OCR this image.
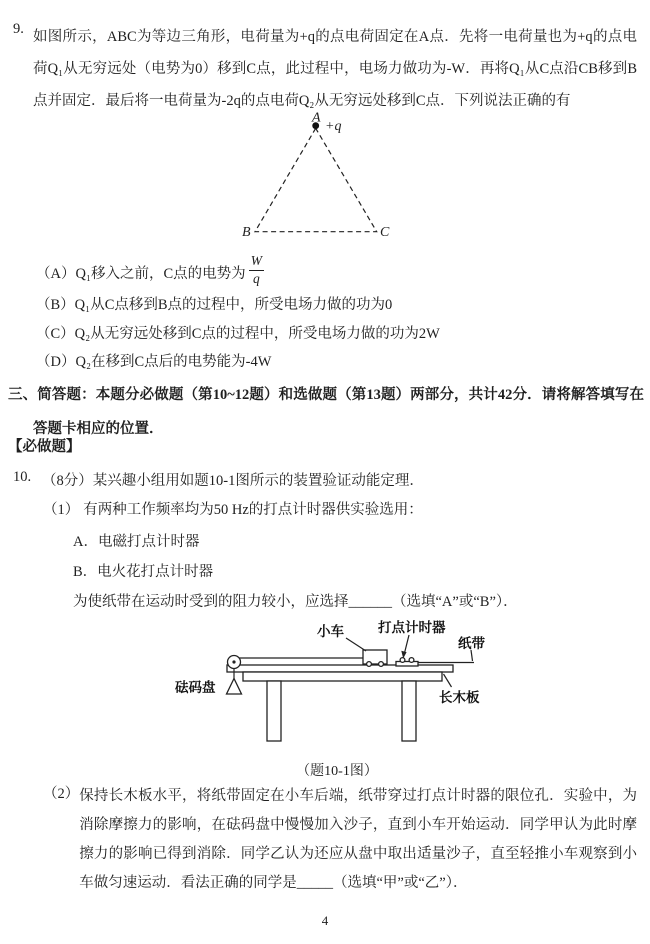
9. 如图所示，ABC为等边三角形，电荷量为+q的点电荷固定在A点．先将一电荷量也为+q的点电荷Q₁从无穷远处（电势为0）移到C点，此过程中，电场力做功为-W．再将Q₁从C点沿CB移到B点并固定．最后将一电荷量为-2q的点电荷Q₂从无穷远处移到C点．下列说法正确的有

A
+q
B	C
（A） Q₁移入之前，C点的电势为 $\frac{W}{q}$
（B） Q₁从C点移到B点的过程中，所受电场力做的功为0
（C） Q₂从无穷远处移到C点的过程中，所受电场力做的功为2W
（D） Q₂在移到C点后的电势能为-4W
三、简答题：本题分必做题（第10~12题）和选做题（第13题）两部分，共计42分．请将解答填写在答题卡相应的位置．
【必做题】
10. （8分）某兴趣小组用如题10-1图所示的装置验证动能定理．
（1） 有两种工作频率均为50 Hz的打点计时器供实验选用：
A．电磁打点计时器
B．电火花打点计时器
为使纸带在运动时受到的阻力较小，应选择______（选填“A”或“B”）．
小车	打点计时器
纸带
砝码盘
长木板
（题10-1图）
（2） 保持长木板水平，将纸带固定在小车后端，纸带穿过打点计时器的限位孔．实验中，为消除摩擦力的影响，在砝码盘中慢慢加入沙子，直到小车开始运动．同学甲认为此时摩擦力的影响已得到消除．同学乙认为还应从盘中取出适量沙子，直至轻推小车观察到小车做匀速运动．看法正确的同学是_____（选填“甲”或“乙”）．

4
